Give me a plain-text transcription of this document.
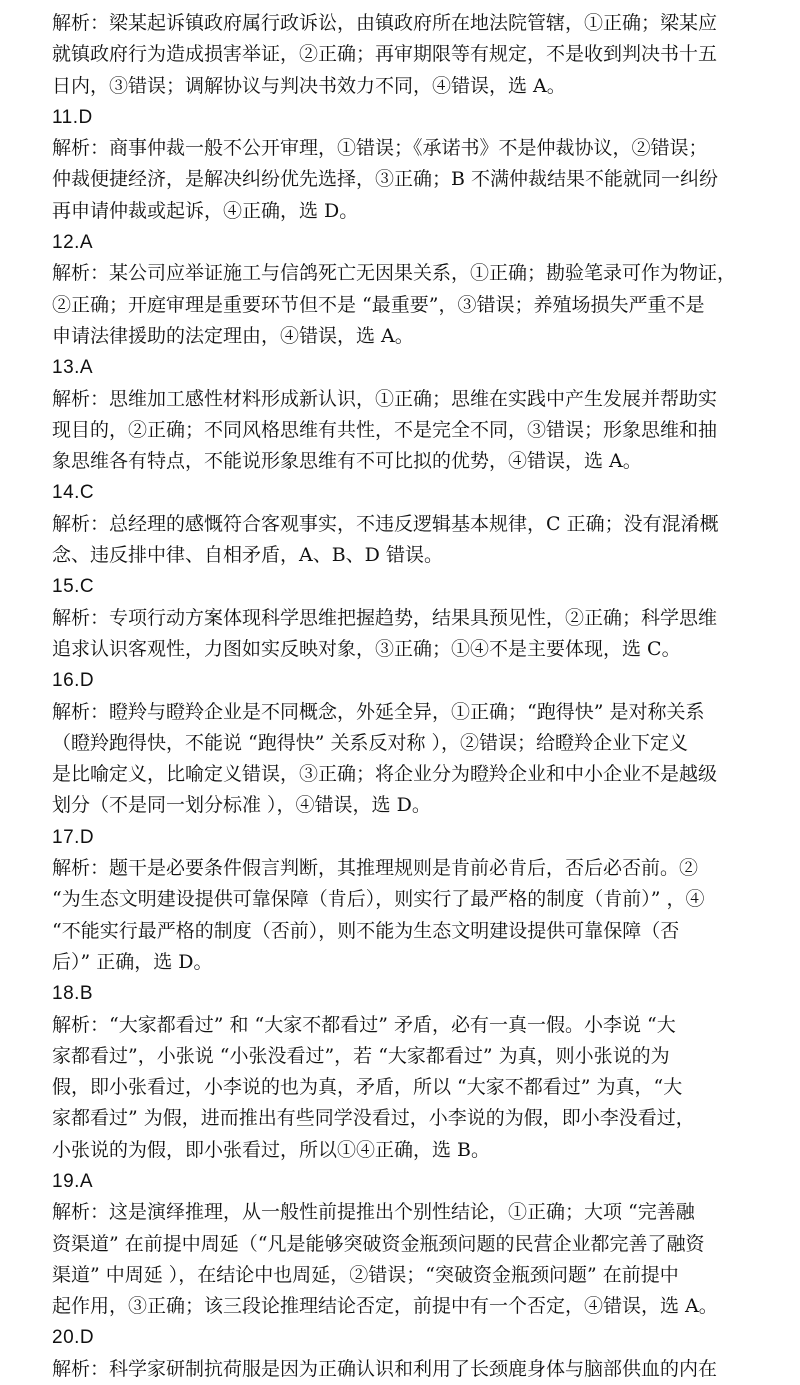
解析：梁某起诉镇政府属行政诉讼，由镇政府所在地法院管辖，①正确；梁某应
就镇政府行为造成损害举证，②正确；再审期限等有规定，不是收到判决书十五
日内，③错误；调解协议与判决书效力不同，④错误，选 A。
11.D
解析：商事仲裁一般不公开审理，①错误；《承诺书》不是仲裁协议，②错误；
仲裁便捷经济，是解决纠纷优先选择，③正确；B 不满仲裁结果不能就同一纠纷
再申请仲裁或起诉，④正确，选 D。
12.A
解析：某公司应举证施工与信鸽死亡无因果关系，①正确；勘验笔录可作为物证，
②正确；开庭审理是重要环节但不是 “最重要”，③错误；养殖场损失严重不是
申请法律援助的法定理由，④错误，选 A。
13.A
解析：思维加工感性材料形成新认识，①正确；思维在实践中产生发展并帮助实
现目的，②正确；不同风格思维有共性，不是完全不同，③错误；形象思维和抽
象思维各有特点，不能说形象思维有不可比拟的优势，④错误，选 A。
14.C
解析：总经理的感慨符合客观事实，不违反逻辑基本规律，C 正确；没有混淆概
念、违反排中律、自相矛盾，A、B、D 错误。
15.C
解析：专项行动方案体现科学思维把握趋势，结果具预见性，②正确；科学思维
追求认识客观性，力图如实反映对象，③正确；①④不是主要体现，选 C。
16.D
解析：瞪羚与瞪羚企业是不同概念，外延全异，①正确；“跑得快” 是对称关系
（瞪羚跑得快，不能说 “跑得快” 关系反对称 ），②错误；给瞪羚企业下定义
是比喻定义，比喻定义错误，③正确；将企业分为瞪羚企业和中小企业不是越级
划分（不是同一划分标准 ），④错误，选 D。
17.D
解析：题干是必要条件假言判断，其推理规则是肯前必肯后，否后必否前。②
“为生态文明建设提供可靠保障（肯后），则实行了最严格的制度（肯前）” ，④
“不能实行最严格的制度（否前），则不能为生态文明建设提供可靠保障（否
后）” 正确，选 D。
18.B
解析：“大家都看过” 和 “大家不都看过” 矛盾，必有一真一假。小李说 “大
家都看过”，小张说 “小张没看过”，若 “大家都看过” 为真，则小张说的为
假，即小张看过，小李说的也为真，矛盾，所以 “大家不都看过” 为真，“大
家都看过” 为假，进而推出有些同学没看过，小李说的为假，即小李没看过，
小张说的为假，即小张看过，所以①④正确，选 B。
19.A
解析：这是演绎推理，从一般性前提推出个别性结论，①正确；大项 “完善融
资渠道” 在前提中周延（“凡是能够突破资金瓶颈问题的民营企业都完善了融资
渠道” 中周延 ），在结论中也周延，②错误；“突破资金瓶颈问题” 在前提中
起作用，③正确；该三段论推理结论否定，前提中有一个否定，④错误，选 A。
20.D
解析：科学家研制抗荷服是因为正确认识和利用了长颈鹿身体与脑部供血的内在
